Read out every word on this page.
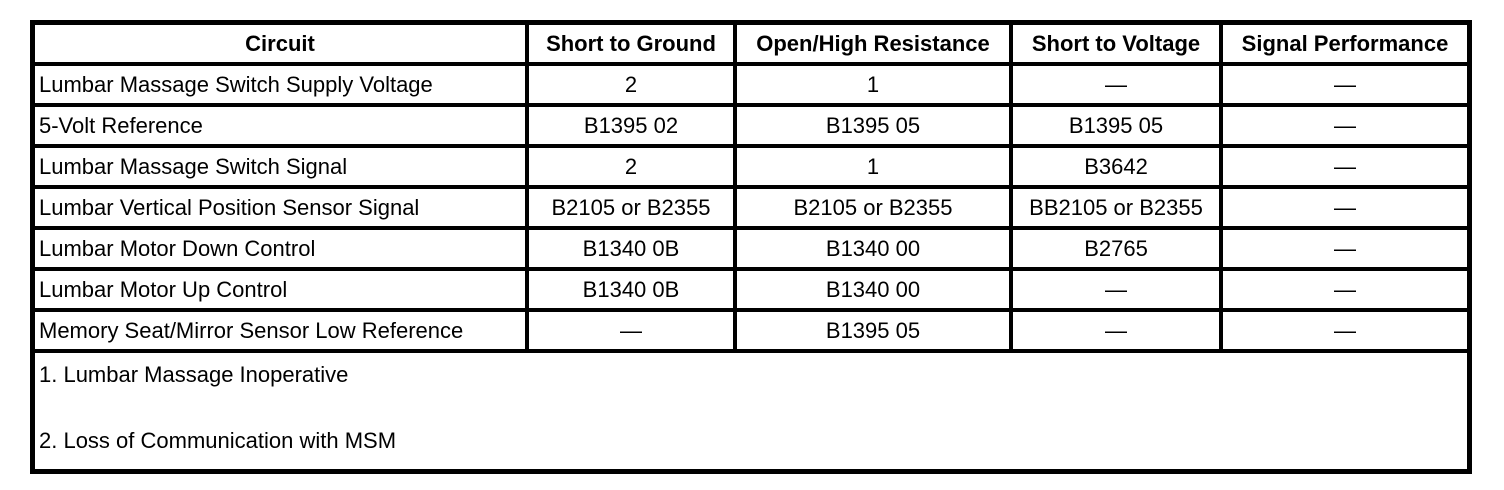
Circuit	Short to Ground	Open/High Resistance	Short to Voltage	Signal Performance
Lumbar Massage Switch Supply Voltage	2	1	—	—
5-Volt Reference	B1395 02	B1395 05	B1395 05	—
Lumbar Massage Switch Signal	2	1	B3642	—
Lumbar Vertical Position Sensor Signal	B2105 or B2355	B2105 or B2355	BB2105 or B2355	—
Lumbar Motor Down Control	B1340 0B	B1340 00	B2765	—
Lumbar Motor Up Control	B1340 0B	B1340 00	—	—
Memory Seat/Mirror Sensor Low Reference	—	B1395 05	—	—

1. Lumbar Massage Inoperative
2. Loss of Communication with MSM				
